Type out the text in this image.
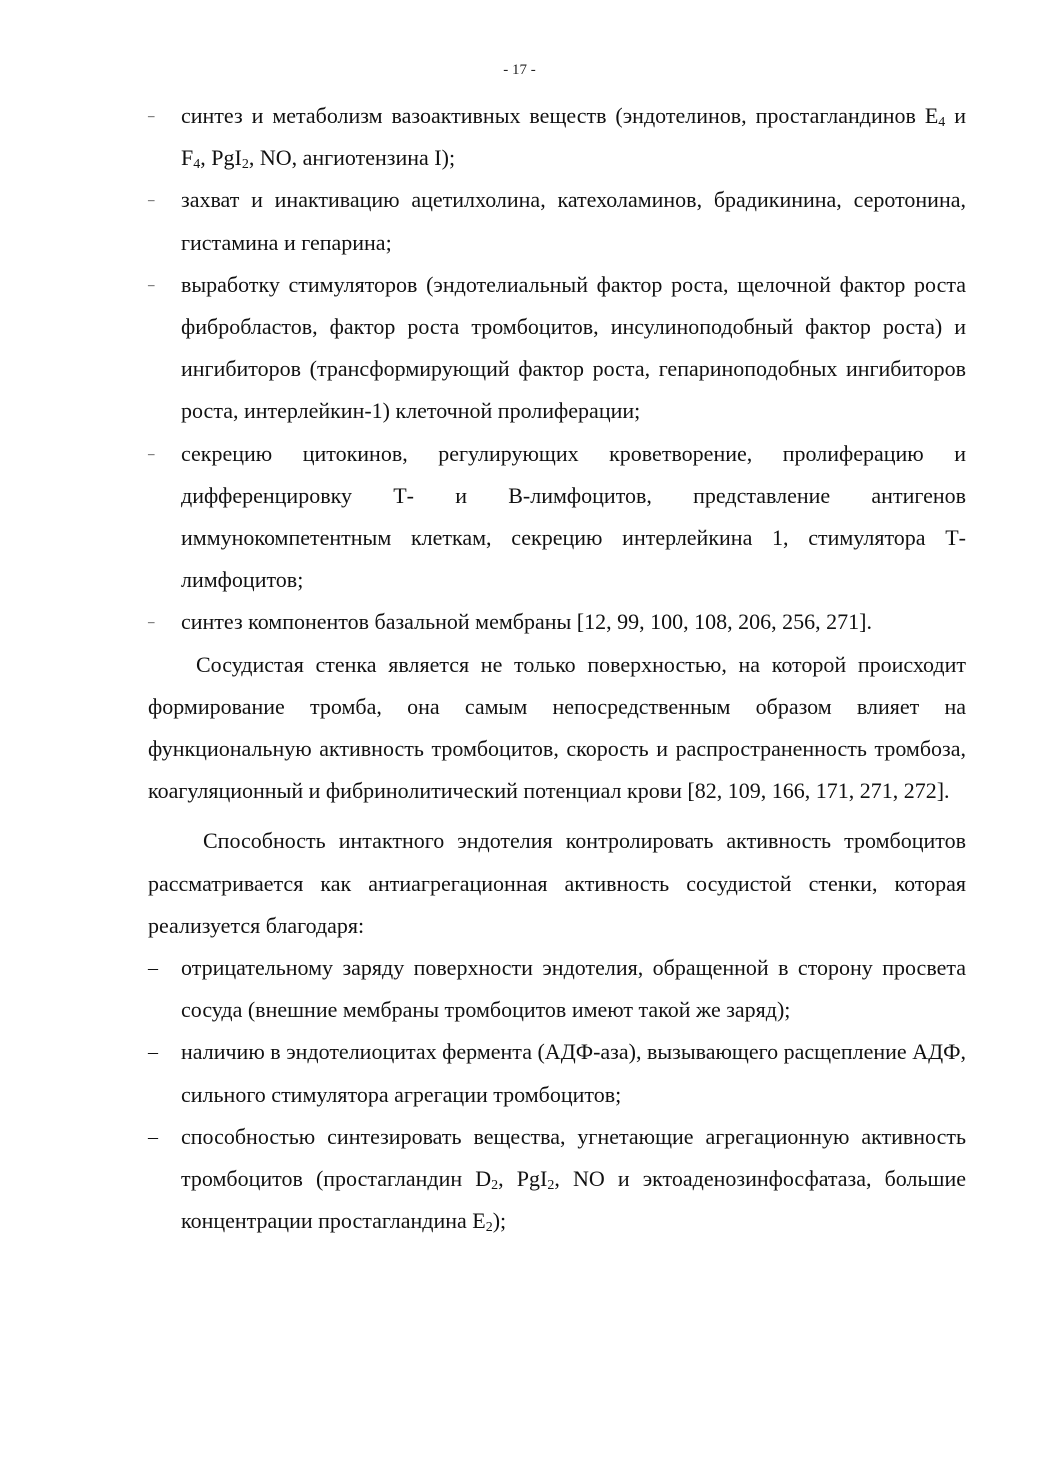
- 17 -
– синтез и метаболизм вазоактивных веществ (эндотелинов, простагландинов $E_4$ и $F_4$, PgI$_2$, NO, ангиотензина I);
– захват и инактивацию ацетилхолина, катехоламинов, брадикинина, серотонина, гистамина и гепарина;
– выработку стимуляторов (эндотелиальный фактор роста, щелочной фактор роста фибробластов, фактор роста тромбоцитов, инсулиноподобный фактор роста) и ингибиторов (трансформирующий фактор роста, гепариноподобных ингибиторов роста, интерлейкин-1) клеточной пролиферации;
– секрецию цитокинов, регулирующих кроветворение, пролиферацию и дифференцировку Т- и В-лимфоцитов, представление антигенов иммунокомпетентным клеткам, секрецию интерлейкина 1, стимулятора Т-лимфоцитов;
– синтез компонентов базальной мембраны [12, 99, 100, 108, 206, 256, 271].

Сосудистая стенка является не только поверхностью, на которой происходит формирование тромба, она самым непосредственным образом влияет на функциональную активность тромбоцитов, скорость и распространенность тромбоза, коагуляционный и фибринолитический потенциал крови [82, 109, 166, 171, 271, 272].

Способность интактного эндотелия контролировать активность тромбоцитов рассматривается как антиагрегационная активность сосудистой стенки, которая реализуется благодаря:

– отрицательному заряду поверхности эндотелия, обращенной в сторону просвета сосуда (внешние мембраны тромбоцитов имеют такой же заряд);
– наличию в эндотелиоцитах фермента (АДФ-аза), вызывающего расщепление АДФ, сильного стимулятора агрегации тромбоцитов;
– способностью синтезировать вещества, угнетающие агрегационную активность тромбоцитов (простагландин $D_2$, PgI$_2$, NO и эктоаденозинфосфатаза, большие концентрации простагландина $E_2$);
